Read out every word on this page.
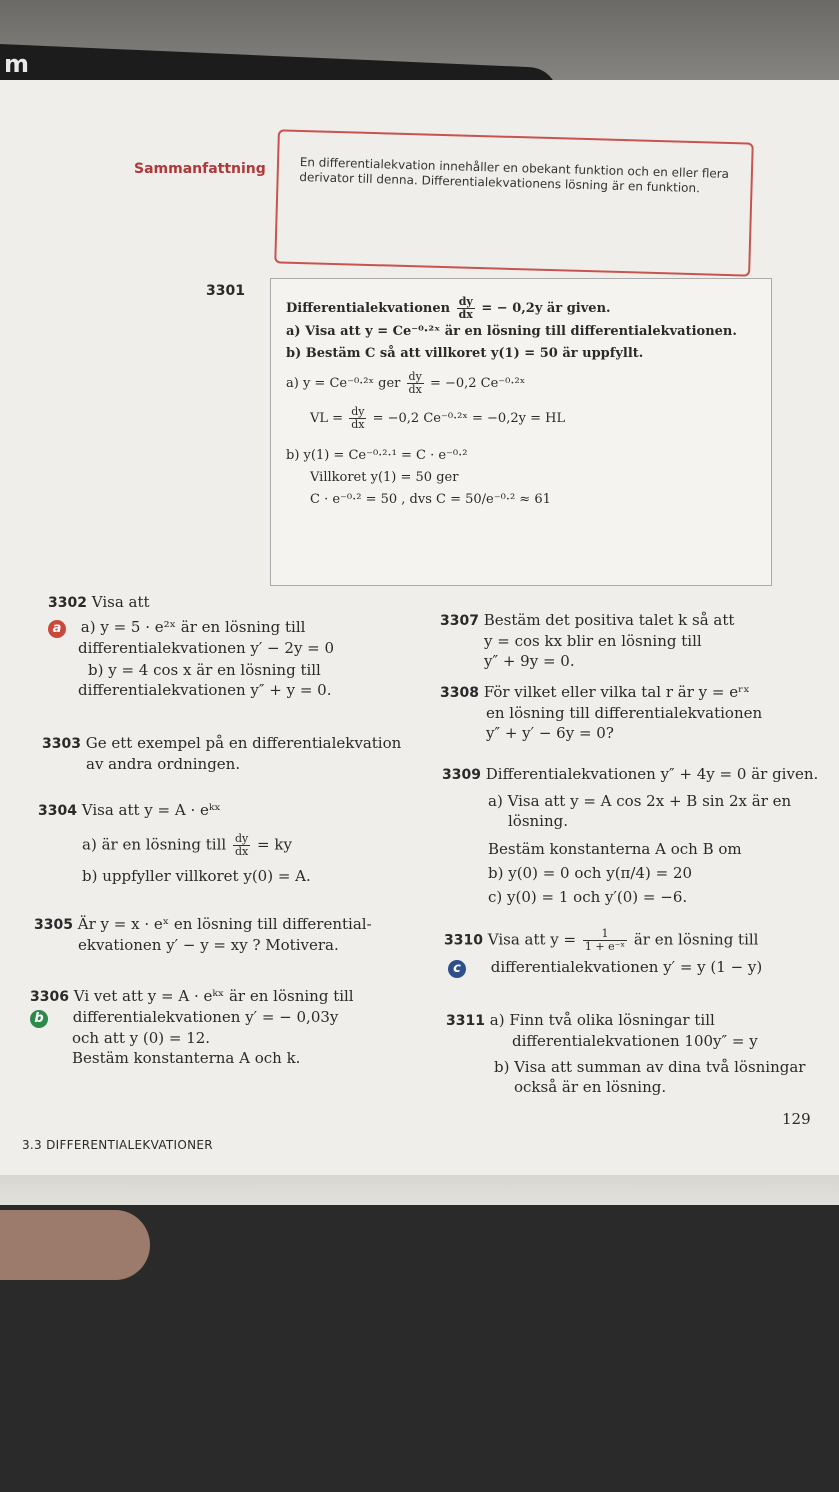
m
Sammanfattning	En differentialekvation innehåller en obekant funktion och en eller flera derivator till denna. Differentialekvationens lösning är en funktion.
3301
Differentialekvationen $\frac{dy}{dx}$ = − 0,2y är given.
a) Visa att y = Ce⁻⁰·²ˣ är en lösning till differentialekvationen.
b) Bestäm C så att villkoret y(1) = 50 är uppfyllt.
a) y = Ce⁻⁰·²ˣ ger $\frac{dy}{dx} = -0,2$ Ce⁻⁰·²ˣ
VL = $\frac{dy}{dx} = -0,2$ Ce⁻⁰·²ˣ = −0,2y = HL
b) y(1) = Ce⁻⁰·²·¹ = C · e⁻⁰·²
Villkoret y(1) = 50 ger
C · e⁻⁰·² = 50 , dvs C = 50/e⁻⁰·² ≈ 61
3302 Visa att
a a) y = 5 · e²ˣ är en lösning till
differentialekvationen y′ − 2y = 0
b) y = 4 cos x är en lösning till
differentialekvationen y″ + y = 0.
3303 Ge ett exempel på en differentialekvation
av andra ordningen.
3304 Visa att y = A · eᵏˣ
a) är en lösning till $\frac{dy}{dx}$ = ky
b) uppfyller villkoret y(0) = A.
3305 Är y = x · eˣ en lösning till differential-
ekvationen y′ − y = xy ? Motivera.
3306 Vi vet att y = A · eᵏˣ är en lösning till
b differentialekvationen y′ = − 0,03y
och att y (0) = 12.
Bestäm konstanterna A och k.
3307 Bestäm det positiva talet k så att
y = cos kx blir en lösning till
y″ + 9y = 0.
3308 För vilket eller vilka tal r är y = eʳˣ
en lösning till differentialekvationen
y″ + y′ − 6y = 0?
3309 Differentialekvationen y″ + 4y = 0 är given.
a) Visa att y = A cos 2x + B sin 2x är en
lösning.
Bestäm konstanterna A och B om
b) y(0) = 0 och y(π/4) = 20
c) y(0) = 1 och y′(0) = −6.
3310 Visa att $y = \frac{1}{\text{1 + e⁻ˣ}}$ är en lösning till
c differentialekvationen y′ = y (1 − y)
3311 a) Finn två olika lösningar till
differentialekvationen 100y″ = y
b) Visa att summan av dina två lösningar
också är en lösning.
129
3.3 DIFFERENTIALEKVATIONER
